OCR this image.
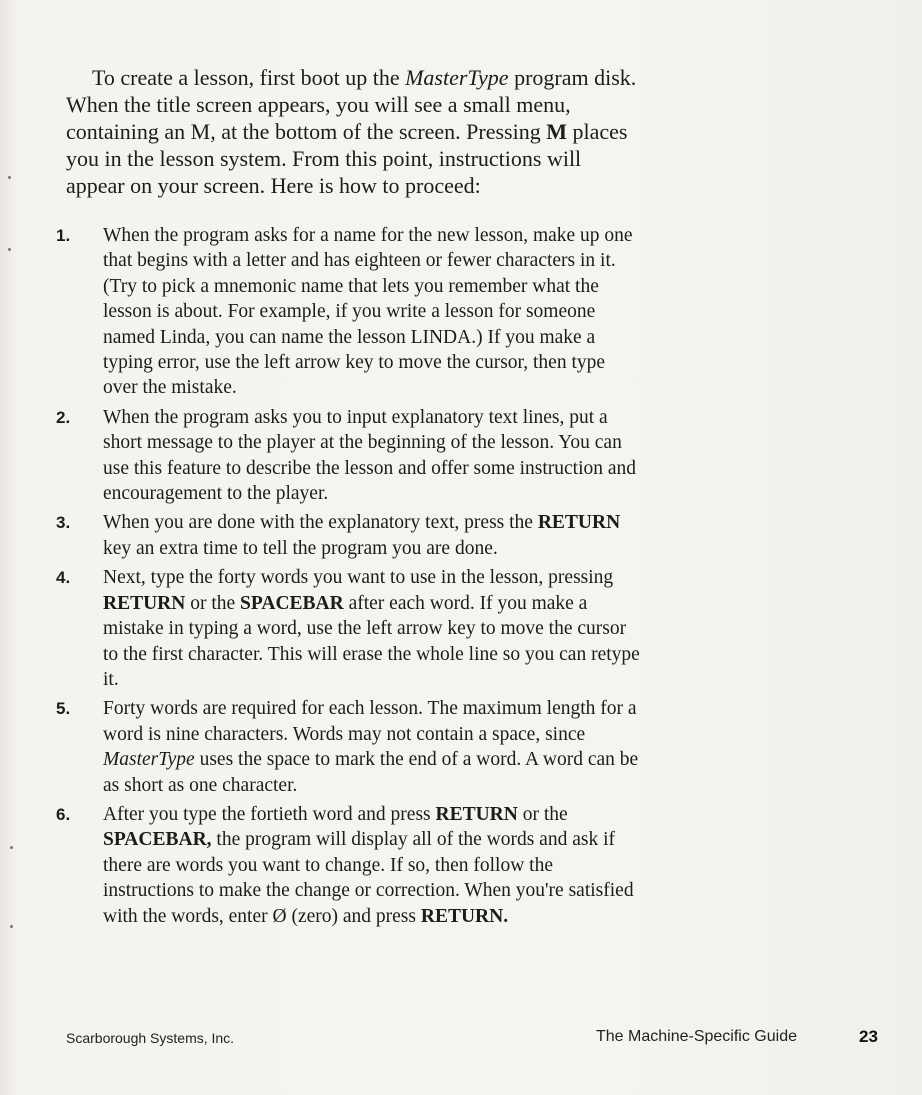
To create a lesson, first boot up the MasterType program disk. When the title screen appears, you will see a small menu, containing an M, at the bottom of the screen. Pressing M places you in the lesson system. From this point, instructions will appear on your screen. Here is how to proceed:

1. When the program asks for a name for the new lesson, make up one that begins with a letter and has eighteen or fewer characters in it. (Try to pick a mnemonic name that lets you remember what the lesson is about. For example, if you write a lesson for someone named Linda, you can name the lesson LINDA.) If you make a typing error, use the left arrow key to move the cursor, then type over the mistake.
2. When the program asks you to input explanatory text lines, put a short message to the player at the beginning of the lesson. You can use this feature to describe the lesson and offer some instruction and encouragement to the player.
3. When you are done with the explanatory text, press the RETURN key an extra time to tell the program you are done.
4. Next, type the forty words you want to use in the lesson, pressing RETURN or the SPACEBAR after each word. If you make a mistake in typing a word, use the left arrow key to move the cursor to the first character. This will erase the whole line so you can retype it.
5. Forty words are required for each lesson. The maximum length for a word is nine characters. Words may not contain a space, since MasterType uses the space to mark the end of a word. A word can be as short as one character.
6. After you type the fortieth word and press RETURN or the SPACEBAR, the program will display all of the words and ask if there are words you want to change. If so, then follow the instructions to make the change or correction. When you're satisfied with the words, enter Ø (zero) and press RETURN.
Scarborough Systems, Inc.	The Machine-Specific Guide	23
